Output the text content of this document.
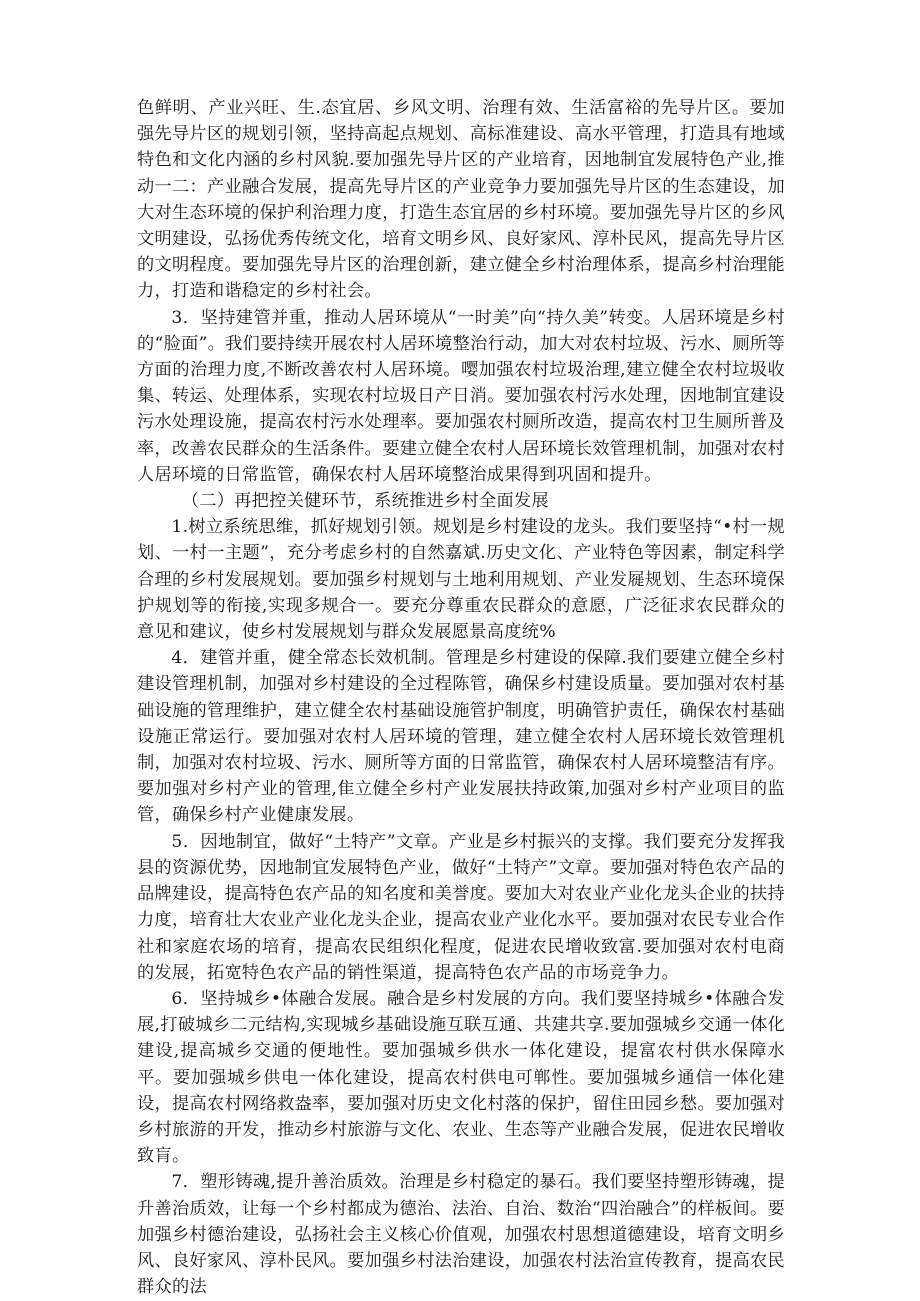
色鲜明、产业兴旺、生.态宜居、乡风文明、治理有效、生活富裕的先导片区。要加强先导片区的规划引领，坚持高起点规划、高标准建设、高水平管理，打造具有地域特色和文化内涵的乡村风貌.要加强先导片区的产业培育，因地制宜发展特色产业,推动一二：产业融合发展，提高先导片区的产业竞争力要加强先导片区的生态建设，加大对生态环境的保护利治理力度，打造生态宜居的乡村环境。要加强先导片区的乡风文明建设，弘扬优秀传统文化，培育文明乡风、良好家风、淳朴民风，提高先导片区的文明程度。要加强先导片区的治理创新，建立健全乡村治理体系，提高乡村治理能力，打造和谐稳定的乡村社会。

3．坚持建管并重，推动人居环境从“一时美”向“持久美”转变。人居环境是乡村的“脸面”。我们要持续开展农村人居环境整治行动，加大对农村垃圾、污水、厕所等方面的治理力度,不断改善农村人居环境。嘤加强农村垃圾治理,建立健全农村垃圾收集、转运、处理体系，实现农村垃圾日产日消。要加强农村污水处理，因地制宜建设污水处理设施，提高农村污水处理率。要加强农村厕所改造，提高农村卫生厕所普及率，改善农民群众的生活条件。要建立健全农村人居环境长效管理机制，加强对农村人居环境的日常监管，确保农村人居环境整治成果得到巩固和提升。

（二）再把控关健环节，系统推进乡村全面发展

1.树立系统思维，抓好规划引领。规划是乡村建设的龙头。我们要坚持“•村一规划、一村一主题”，充分考虑乡村的自然嘉斌.历史文化、产业特色等因素，制定科学合理的乡村发展规划。要加强乡村规划与土地利用规划、产业发屣规划、生态环境保护规划等的衔接,实现多规合一。要充分尊重农民群众的意愿，广泛征求农民群众的意见和建议，使乡村发展规划与群众发展愿景高度统%

4．建管并重，健全常态长效机制。管理是乡村建设的保障.我们要建立健全乡村建设管理机制，加强对乡村建设的全过程陈管，确保乡村建设质量。要加强对农村基础设施的管理维护，建立健全农村基础设施管护制度，明确管护责任，确保农村基础设施正常运行。要加强对农村人居环境的管理，建立健全农村人居环境长效管理机制，加强对农村垃圾、污水、厕所等方面的日常监管，确保农村人居环境整洁有序。要加强对乡村产业的管理,隹立健全乡村产业发展扶持政策,加强对乡村产业项目的监管，确保乡村产业健康发展。

5．因地制宜，做好“土特产”文章。产业是乡村振兴的支撑。我们要充分发挥我县的资源优势，因地制宜发展特色产业，做好“土特产”文章。要加强对特色农产品的品牌建设，提高特色农产品的知名度和美誉度。要加大对农业产业化龙头企业的扶持力度，培育壮大农业产业化龙头企业，提高农业产业化水平。要加强对农民专业合作社和家庭农场的培育，提高农民组织化程度，促进农民增收致富.要加强对农村电商的发展，拓宽特色农产品的销性渠道，提高特色农产品的市场竞争力。

6．坚持城乡•体融合发展。融合是乡村发展的方向。我们要坚持城乡•体融合发展,打破城乡二元结构,实现城乡基础设施互联互通、共建共享.要加强城乡交通一体化建设,提高城乡交通的便地性。要加强城乡供水一体化建设，提富农村供水保障水平。要加强城乡供电一体化建设，提高农村供电可郸性。要加强城乡通信一体化建设，提高农村网络救盎率，要加强对历史文化村落的保护，留住田园乡愁。要加强对乡村旅游的开发，推动乡村旅游与文化、农业、生态等产业融合发展，促进农民增收致肓。

7．塑形铸魂,提升善治质效。治理是乡村稳定的暴石。我们要坚持塑形铸魂，提升善治质效，让每一个乡村都成为德治、法治、自治、数治“四治融合”的样板间。要加强乡村德治建设，弘扬社会主义核心价值观，加强农村思想道德建设，培育文明乡风、良好家风、淳朴民风。要加强乡村法治建设，加强农村法治宣传教育，提高农民群众的法
